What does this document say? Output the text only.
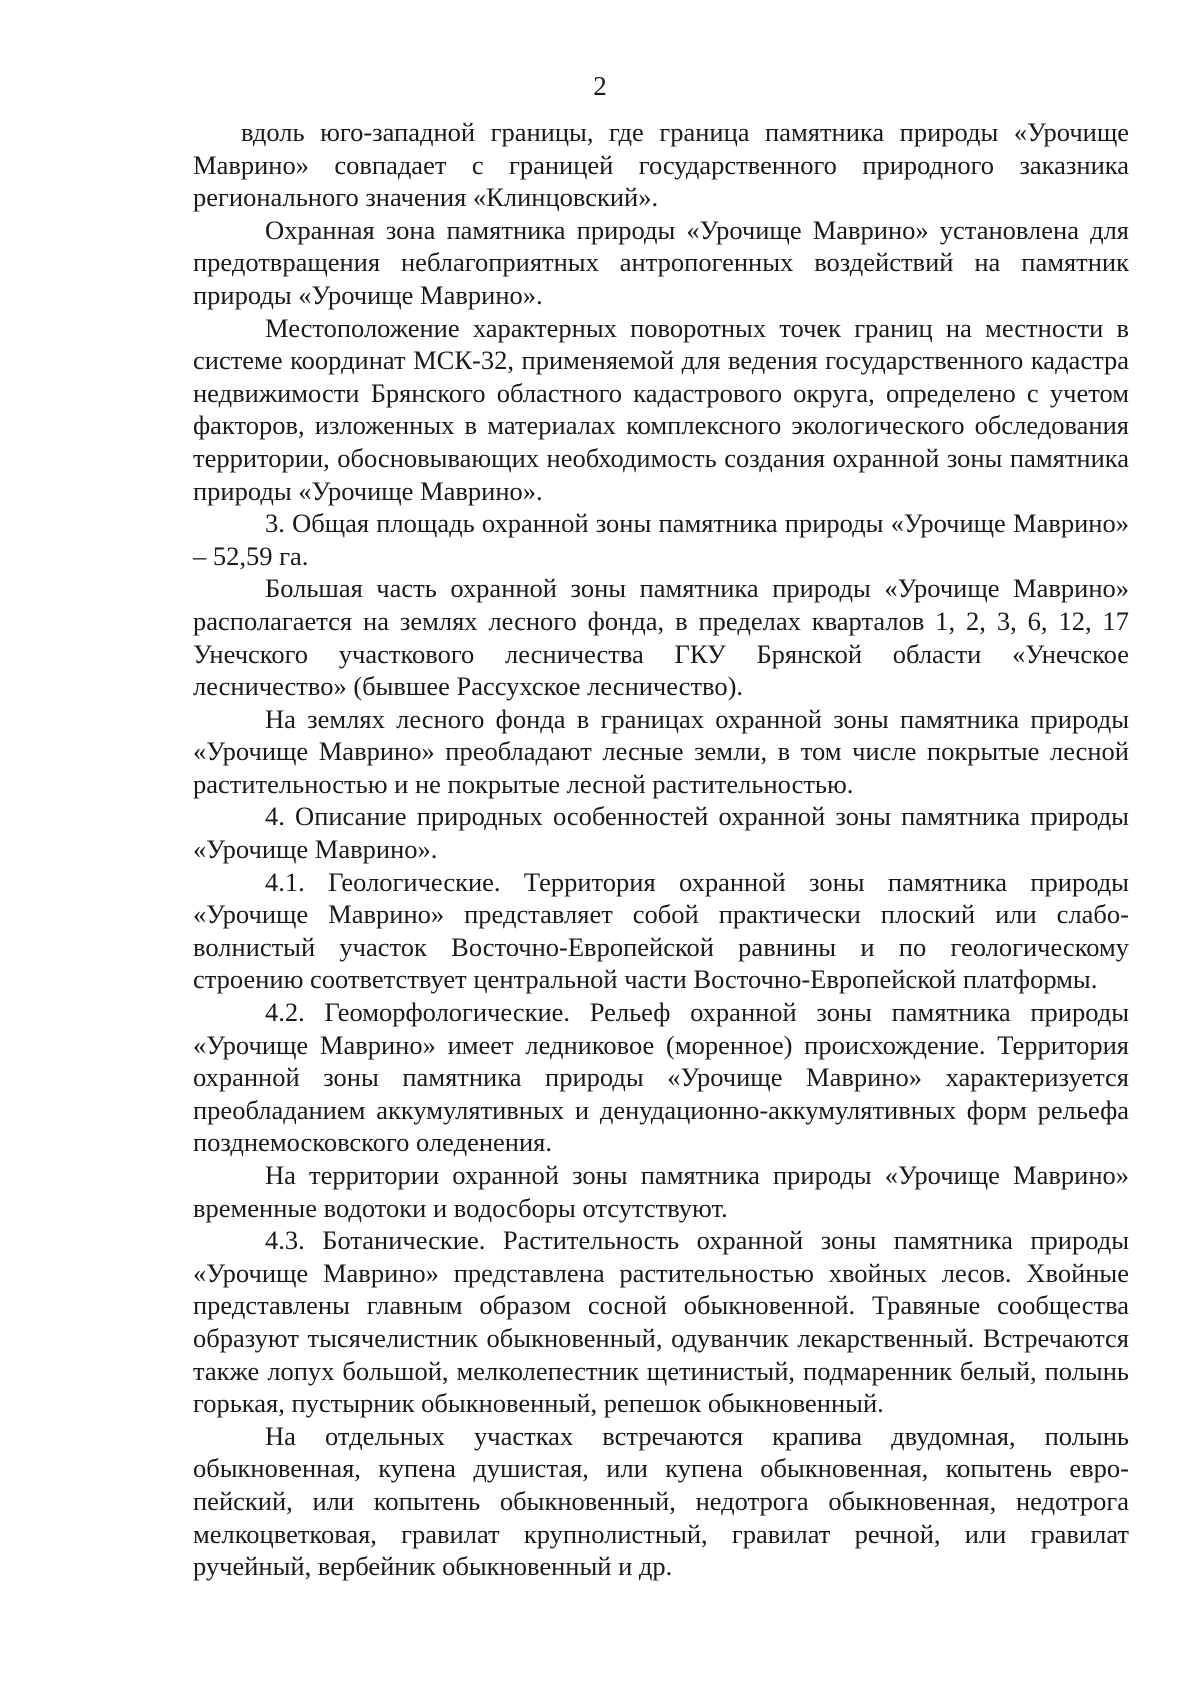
2

вдоль юго-западной границы, где граница памятника природы «Урочище Маврино» совпадает с границей государственного природного заказника регионального значения «Клинцовский».

Охранная зона памятника природы «Урочище Маврино» установлена для предотвращения неблагоприятных антропогенных воздействий на памятник природы «Урочище Маврино».

Местоположение характерных поворотных точек границ на местности в системе координат МСК-32, применяемой для ведения государственного кадастра недвижимости Брянского областного кадастрового округа, определено с учетом факторов, изложенных в материалах комплексного экологического обследования территории, обосновывающих необходимость создания охранной зоны памятника природы «Урочище Маврино».

3. Общая площадь охранной зоны памятника природы «Урочище Маврино» – 52,59 га.

Большая часть охранной зоны памятника природы «Урочище Маврино» располагается на землях лесного фонда, в пределах кварталов 1, 2, 3, 6, 12, 17 Унечского участкового лесничества ГКУ Брянской области «Унечское лесничество» (бывшее Рассухское лесничество).

На землях лесного фонда в границах охранной зоны памятника природы «Урочище Маврино» преобладают лесные земли, в том числе покрытые лесной растительностью и не покрытые лесной растительностью.

4. Описание природных особенностей охранной зоны памятника природы «Урочище Маврино».

4.1. Геологические. Территория охранной зоны памятника природы «Урочище Маврино» представляет собой практически плоский или слабоволнистый участок Восточно-Европейской равнины и по геологическому строению соответствует центральной части Восточно-Европейской платформы.

4.2. Геоморфологические. Рельеф охранной зоны памятника природы «Урочище Маврино» имеет ледниковое (моренное) происхождение. Территория охранной зоны памятника природы «Урочище Маврино» характеризуется преобладанием аккумулятивных и денудационно-аккумулятивных форм рельефа позднемосковского оледенения.

На территории охранной зоны памятника природы «Урочище Маврино» временные водотоки и водосборы отсутствуют.

4.3. Ботанические. Растительность охранной зоны памятника природы «Урочище Маврино» представлена растительностью хвойных лесов. Хвойные представлены главным образом сосной обыкновенной. Травяные сообщества образуют тысячелистник обыкновенный, одуванчик лекарственный. Встречаются также лопух большой, мелколепестник щетинистый, подмаренник белый, полынь горькая, пустырник обыкновенный, репешок обыкновенный.

На отдельных участках встречаются крапива двудомная, полынь обыкновенная, купена душистая, или купена обыкновенная, копытень европейский, или копытень обыкновенный, недотрога обыкновенная, недотрога мелкоцветковая, гравилат крупнолистный, гравилат речной, или гравилат ручейный, вербейник обыкновенный и др.
